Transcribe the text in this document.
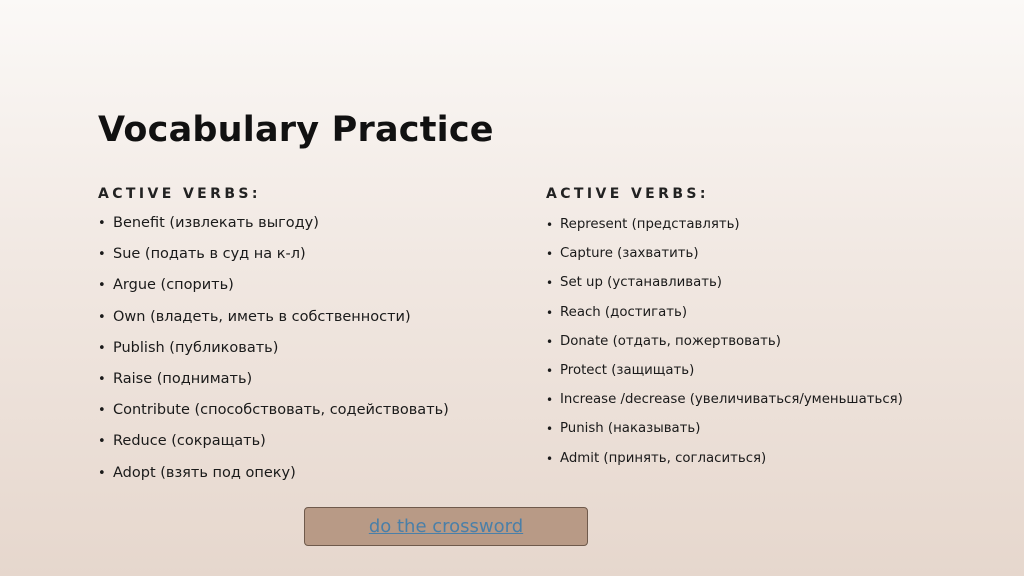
Vocabulary Practice
ACTIVE VERBS:
• Benefit (извлекать выгоду)
• Sue (подать в суд на к-л)
• Argue (спорить)
• Own (владеть, иметь в собственности)
• Publish (публиковать)
• Raise (поднимать)
• Contribute (способствовать, содействовать)
• Reduce (сокращать)
• Adopt (взять под опеку)
ACTIVE VERBS:
• Represent (представлять)
• Capture (захватить)
• Set up (устанавливать)
• Reach (достигать)
• Donate (отдать, пожертвовать)
• Protect (защищать)
• Increase /decrease (увеличиваться/уменьшаться)
• Punish (наказывать)
• Admit (принять, согласиться)
do the crossword
